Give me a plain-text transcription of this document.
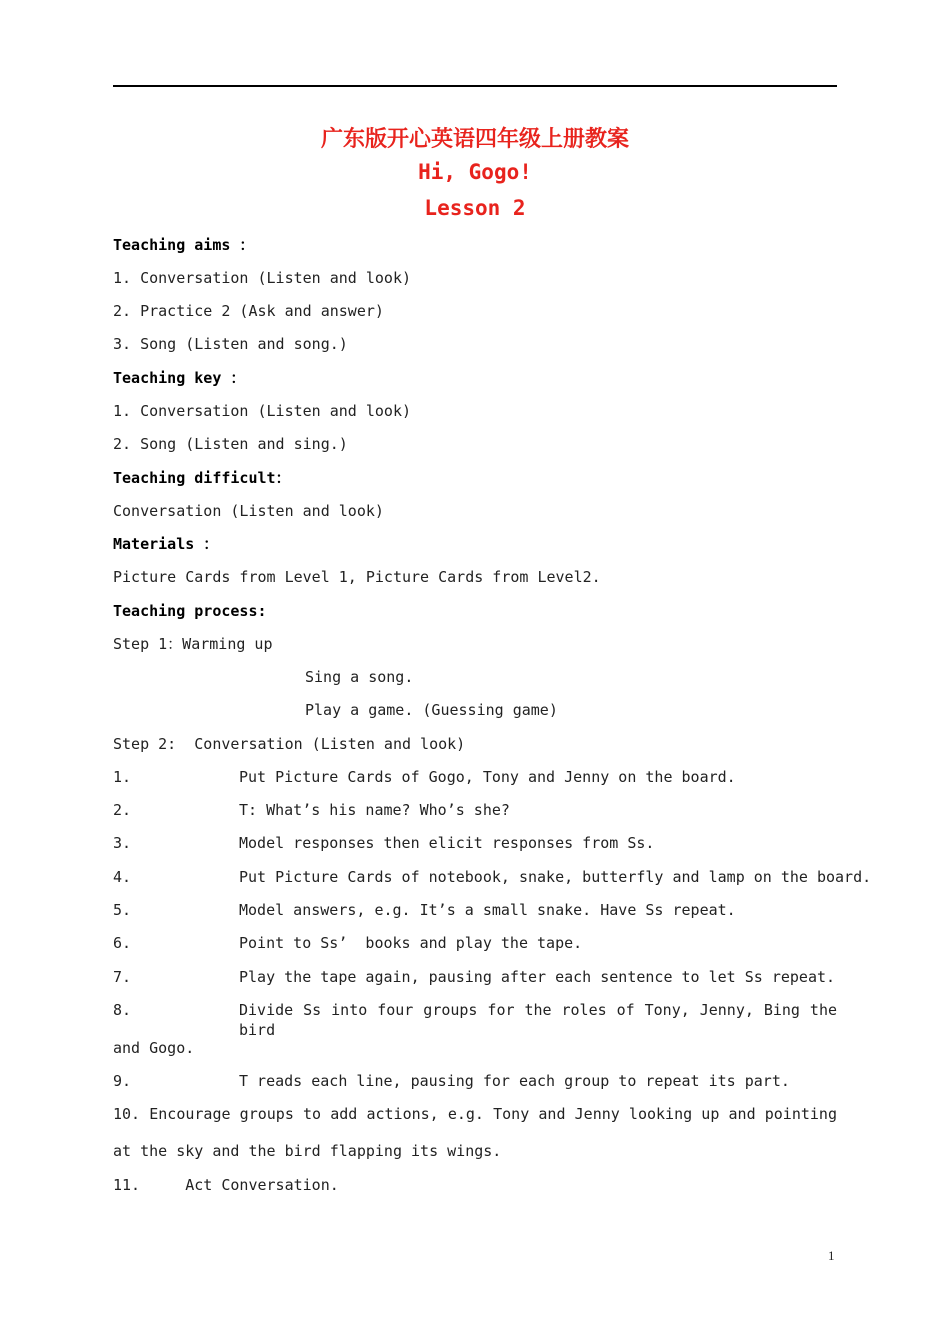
广东版开心英语四年级上册教案
Hi, Gogo!
Lesson 2
Teaching aims ：
1. Conversation (Listen and look)
2. Practice 2 (Ask and answer)
3. Song (Listen and song.)
Teaching key ：
1. Conversation (Listen and look)
2. Song (Listen and sing.)
Teaching difficult：
Conversation (Listen and look)
Materials ：
Picture Cards from Level 1, Picture Cards from Level2.
Teaching process:
Step 1：Warming up
Sing a song.
Play a game. (Guessing game)
Step 2:  Conversation (Listen and look)
1.	Put Picture Cards of Gogo, Tony and Jenny on the board.
2.	T: What’s his name? Who’s she?
3.	Model responses then elicit responses from Ss.
4.	Put Picture Cards of notebook, snake, butterfly and lamp on the board.
5.	Model answers, e.g. It’s a small snake. Have Ss repeat.
6.	Point to Ss’  books and play the tape.
7.	Play the tape again, pausing after each sentence to let Ss repeat.
8.	Divide Ss into four groups for the roles of Tony, Jenny, Bing the bird
and Gogo.
9.	T reads each line, pausing for each group to repeat its part.
10. Encourage groups to add actions, e.g. Tony and Jenny looking up and pointing
at the sky and the bird flapping its wings.
11.     Act Conversation.
1
